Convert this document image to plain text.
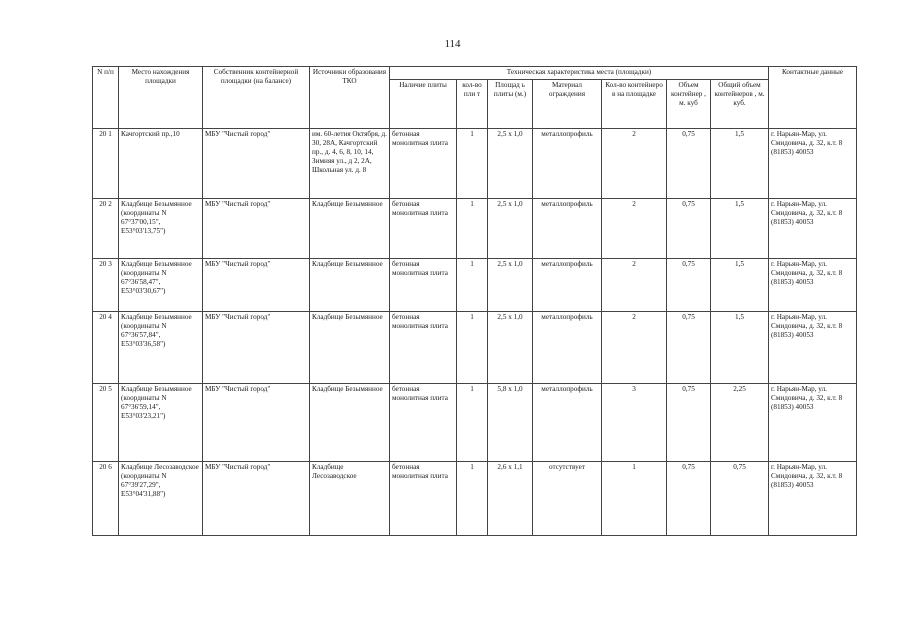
114
N п/п	Место нахождения площадки	Собственник контейнерной площадки (на балансе)	Источники образования ТКО	Техническая характеристика места (площадки)							Контактные данные
				Наличие плиты	кол-во пли т	Площад ь плиты (м.)	Материал ограждения	Кол-во контейнеро в на площадке	Объем контейнер , м. куб	Общий объем контейнеров , м. куб.	
20 1	Качгортский пр.,10	МБУ "Чистый город"	им. 60-летия Октября, д. 30, 28А, Качгортский пр., д. 4, 6, 8, 10, 14, Зимняя ул., д 2, 2А, Школьная ул. д. 8	бетонная монолитная плита	1	2,5 х 1,0	металлопрофиль	2	0,75	1,5	г. Нарьян-Мар, ул. Смидовича, д. 32, к.т. 8 (81853) 40053
20 2	Кладбище Безымянное (координаты N 67°37'00,15", E53°03'13,75")	МБУ "Чистый город"	Кладбище Безымянное	бетонная монолитная плита	1	2,5 х 1,0	металлопрофиль	2	0,75	1,5	г. Нарьян-Мар, ул. Смидовича, д. 32, к.т. 8 (81853) 40053
20 3	Кладбище Безымянное (координаты N 67°36'58,47", E53°03'30,67")	МБУ "Чистый город"	Кладбище Безымянное	бетонная монолитная плита	1	2,5 х 1,0	металлопрофиль	2	0,75	1,5	г. Нарьян-Мар, ул. Смидовича, д. 32, к.т. 8 (81853) 40053
20 4	Кладбище Безымянное (координаты N 67°36'57,84", E53°03'36,58")	МБУ "Чистый город"	Кладбище Безымянное	бетонная монолитная плита	1	2,5 х 1,0	металлопрофиль	2	0,75	1,5	г. Нарьян-Мар, ул. Смидовича, д. 32, к.т. 8 (81853) 40053
20 5	Кладбище Безымянное (координаты N 67°36'59,14", E53°03'23,21")	МБУ "Чистый город"	Кладбище Безымянное	бетонная монолитная плита	1	5,8 х 1,0	металлопрофиль	3	0,75	2,25	г. Нарьян-Мар, ул. Смидовича, д. 32, к.т. 8 (81853) 40053
20 6	Кладбище Лесозаводское (координаты N 67°39'27,29", E53°04'31,88")	МБУ "Чистый город"	Кладбище Лесозаводское	бетонная монолитная плита	1	2,6 х 1,1	отсутствует	1	0,75	0,75	г. Нарьян-Мар, ул. Смидовича, д. 32, к.т. 8 (81853) 40053
